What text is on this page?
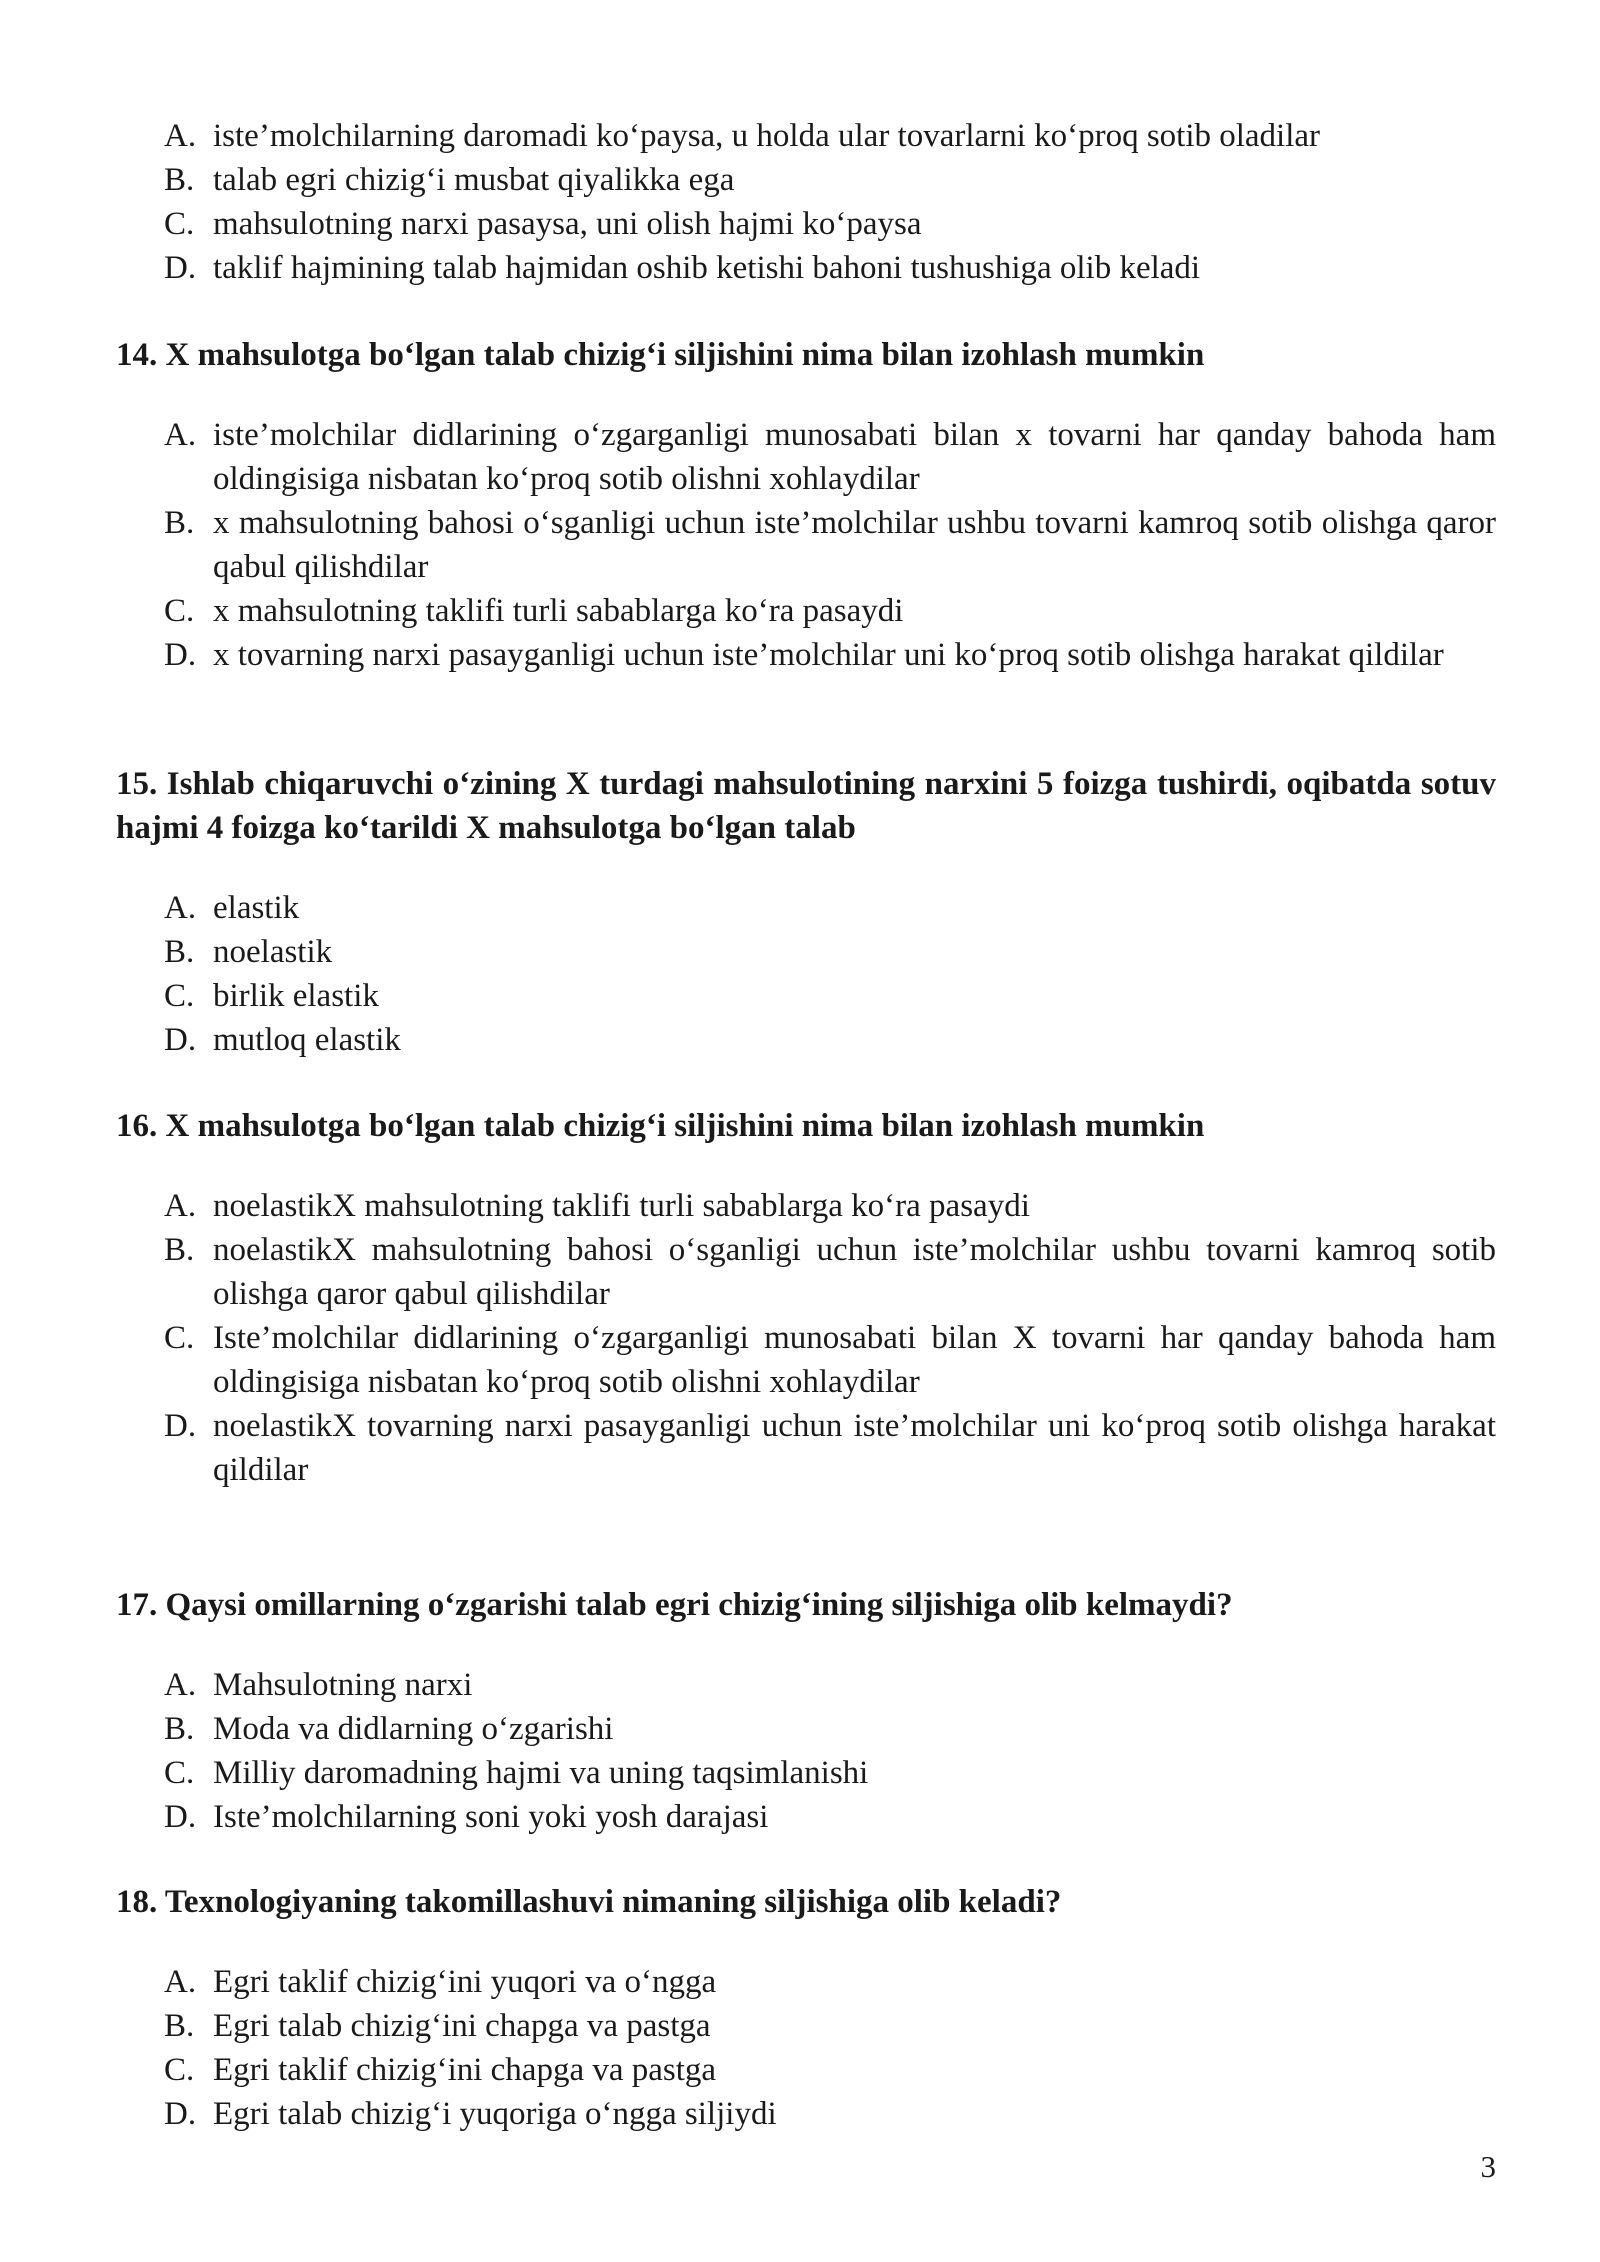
A. iste’molchilarning daromadi ko‘paysa, u holda ular tovarlarni ko‘proq sotib oladilar
B. talab egri chizig‘i musbat qiyalikka ega
C. mahsulotning narxi pasaysa, uni olish hajmi ko‘paysa
D. taklif hajmining talab hajmidan oshib ketishi bahoni tushushiga olib keladi

14. X mahsulotga bo‘lgan talab chizig‘i siljishini nima bilan izohlash mumkin

A. iste’molchilar didlarining o‘zgarganligi munosabati bilan x tovarni har qanday bahoda ham oldingisiga nisbatan ko‘proq sotib olishni xohlaydilar
B. x mahsulotning bahosi o‘sganligi uchun iste’molchilar ushbu tovarni kamroq sotib olishga qaror qabul qilishdilar
C. x mahsulotning taklifi turli sabablarga ko‘ra pasaydi
D. x tovarning narxi pasayganligi uchun iste’molchilar uni ko‘proq sotib olishga harakat qildilar

15. Ishlab chiqaruvchi o‘zining X turdagi mahsulotining narxini 5 foizga tushirdi, oqibatda sotuv hajmi 4 foizga ko‘tarildi X mahsulotga bo‘lgan talab

A. elastik
B. noelastik
C. birlik elastik
D. mutloq elastik

16. X mahsulotga bo‘lgan talab chizig‘i siljishini nima bilan izohlash mumkin

A. noelastikX mahsulotning taklifi turli sabablarga ko‘ra pasaydi
B. noelastikX mahsulotning bahosi o‘sganligi uchun iste’molchilar ushbu tovarni kamroq sotib olishga qaror qabul qilishdilar
C. Iste’molchilar didlarining o‘zgarganligi munosabati bilan X tovarni har qanday bahoda ham oldingisiga nisbatan ko‘proq sotib olishni xohlaydilar
D. noelastikX tovarning narxi pasayganligi uchun iste’molchilar uni ko‘proq sotib olishga harakat qildilar

17. Qaysi omillarning o‘zgarishi talab egri chizig‘ining siljishiga olib kelmaydi?

A. Mahsulotning narxi
B. Moda va didlarning o‘zgarishi
C. Milliy daromadning hajmi va uning taqsimlanishi
D. Iste’molchilarning soni yoki yosh darajasi

18. Texnologiyaning takomillashuvi nimaning siljishiga olib keladi?

A. Egri taklif chizig‘ini yuqori va o‘ngga
B. Egri talab chizig‘ini chapga va pastga
C. Egri taklif chizig‘ini chapga va pastga
D. Egri talab chizig‘i yuqoriga o‘ngga siljiydi
3
